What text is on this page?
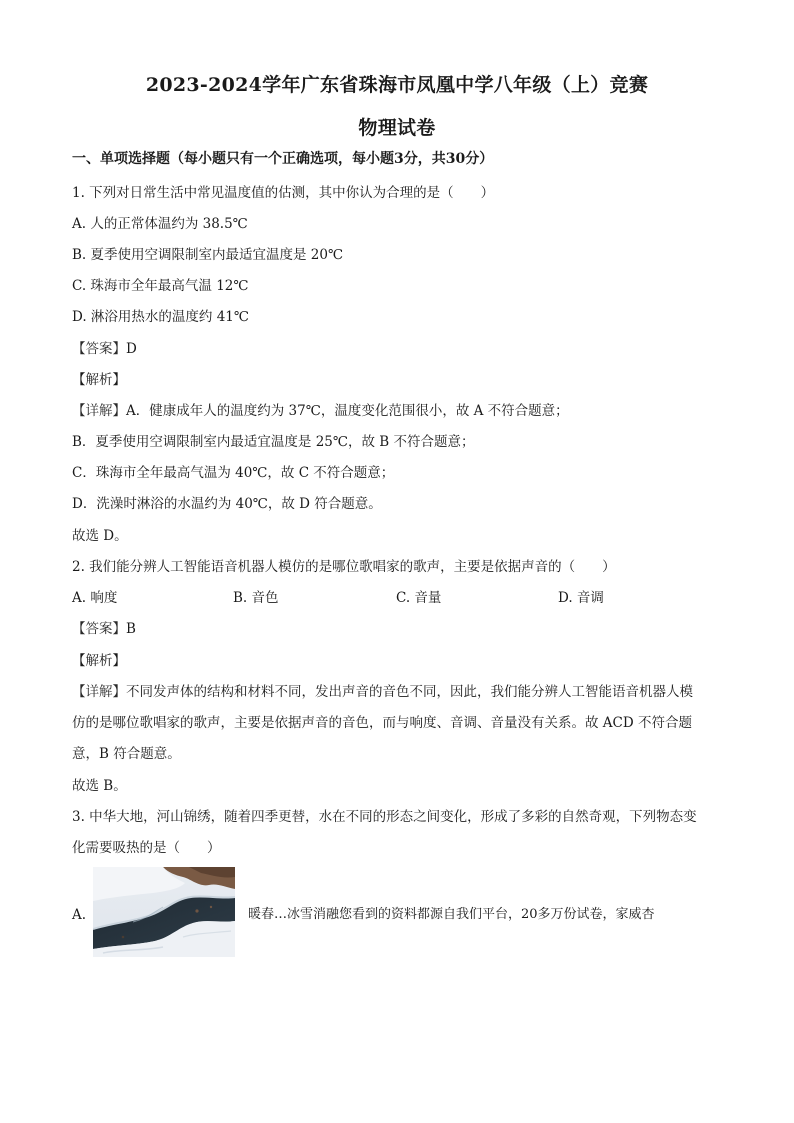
2023-2024学年广东省珠海市凤凰中学八年级（上）竞赛
物理试卷
一、单项选择题（每小题只有一个正确选项，每小题3分，共30分）
1. 下列对日常生活中常见温度值的估测，其中你认为合理的是（　　）
A. 人的正常体温约为 38.5℃
B. 夏季使用空调限制室内最适宜温度是 20℃
C. 珠海市全年最高气温 12℃
D. 淋浴用热水的温度约 41℃
【答案】D
【解析】
【详解】A．健康成年人的温度约为 37℃，温度变化范围很小，故 A 不符合题意；
B．夏季使用空调限制室内最适宜温度是 25℃，故 B 不符合题意；
C．珠海市全年最高气温为 40℃，故 C 不符合题意；
D．洗澡时淋浴的水温约为 40℃，故 D 符合题意。
故选 D。
2. 我们能分辨人工智能语音机器人模仿的是哪位歌唱家的歌声，主要是依据声音的（　　）
A. 响度	B. 音色	C. 音量	D. 音调
【答案】B
【解析】
【详解】不同发声体的结构和材料不同，发出声音的音色不同，因此，我们能分辨人工智能语音机器人模
仿的是哪位歌唱家的歌声，主要是依据声音的音色，而与响度、音调、音量没有关系。故 ACD 不符合题
意，B 符合题意。
故选 B。
3. 中华大地，河山锦绣，随着四季更替，水在不同的形态之间变化，形成了多彩的自然奇观，下列物态变
化需要吸热的是（　　）
A.	暖春…冰雪消融您看到的资料都源自我们平台，20多万份试卷，家威杏
